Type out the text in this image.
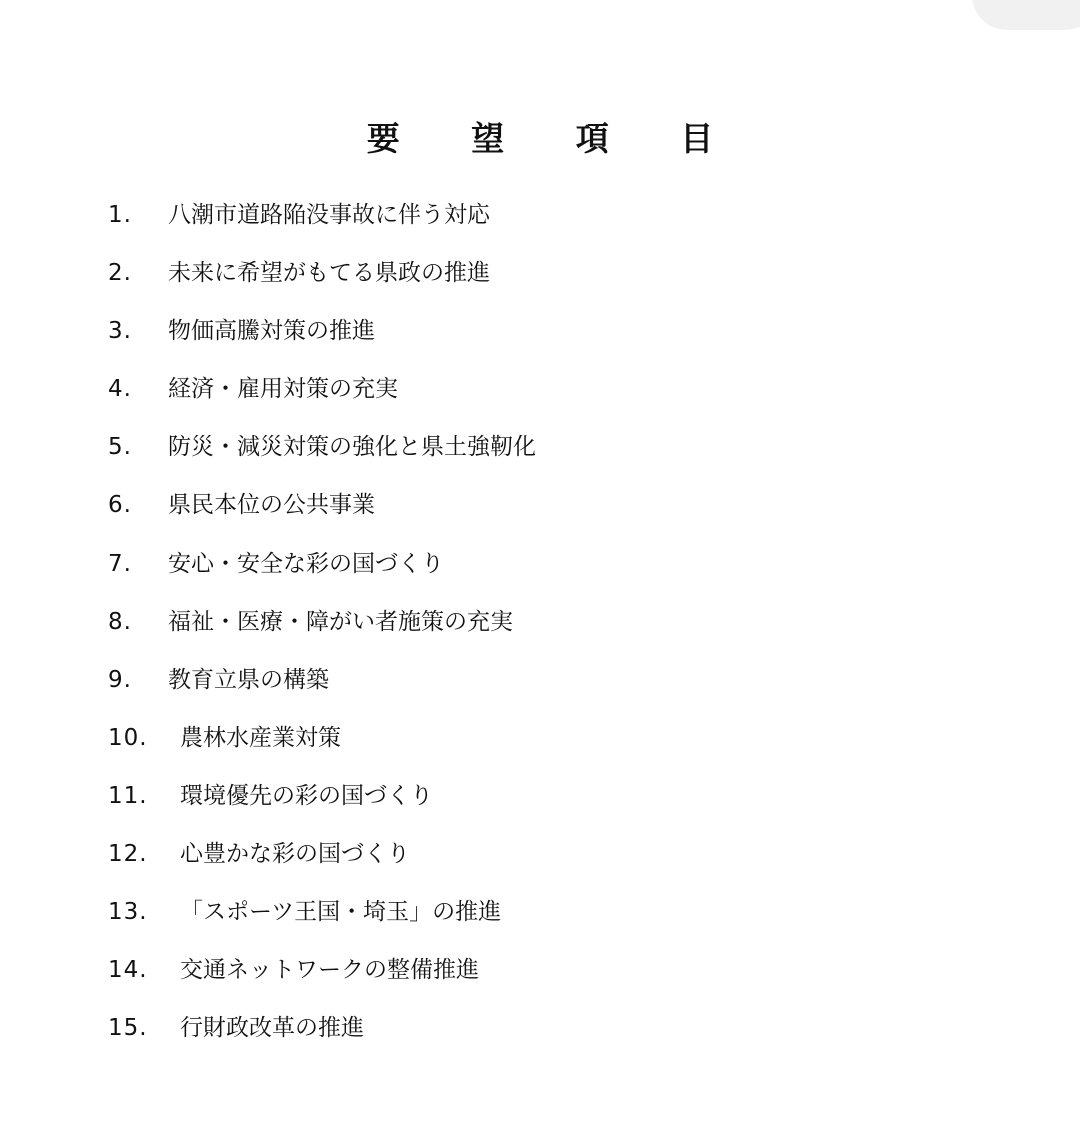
要 望 項 目
1.	八潮市道路陥没事故に伴う対応
2.	未来に希望がもてる県政の推進
3.	物価高騰対策の推進
4.	経済・雇用対策の充実
5.	防災・減災対策の強化と県土強靭化
6.	県民本位の公共事業
7.	安心・安全な彩の国づくり
8.	福祉・医療・障がい者施策の充実
9.	教育立県の構築
10.	農林水産業対策
11.	環境優先の彩の国づくり
12.	心豊かな彩の国づくり
13.	「スポーツ王国・埼玉」の推進
14.	交通ネットワークの整備推進
15.	行財政改革の推進
